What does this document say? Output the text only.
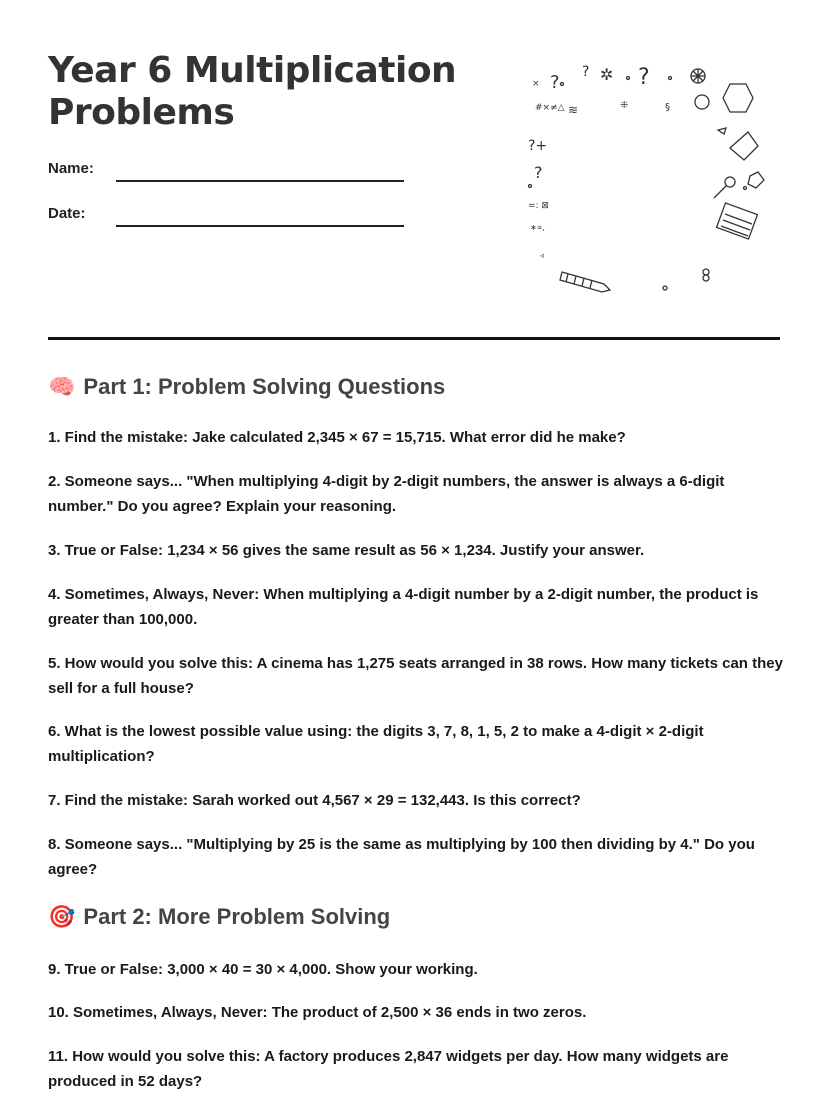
Year 6 Multiplication Problems
Name:
Date:
? ? ✲ ?
×
#×≠△ ≋	⁜	§
?+
?
=: ⊠
∗∝,
◃
🧠 Part 1: Problem Solving Questions

1. Find the mistake: Jake calculated 2,345 × 67 = 15,715. What error did he make?

2. Someone says... "When multiplying 4-digit by 2-digit numbers, the answer is always a 6-digit number." Do you agree? Explain your reasoning.

3. True or False: 1,234 × 56 gives the same result as 56 × 1,234. Justify your answer.

4. Sometimes, Always, Never: When multiplying a 4-digit number by a 2-digit number, the product is greater than 100,000.

5. How would you solve this: A cinema has 1,275 seats arranged in 38 rows. How many tickets can they sell for a full house?

6. What is the lowest possible value using: the digits 3, 7, 8, 1, 5, 2 to make a 4-digit × 2-digit multiplication?

7. Find the mistake: Sarah worked out 4,567 × 29 = 132,443. Is this correct?

8. Someone says... "Multiplying by 25 is the same as multiplying by 100 then dividing by 4." Do you agree?

🎯 Part 2: More Problem Solving

9. True or False: 3,000 × 40 = 30 × 4,000. Show your working.

10. Sometimes, Always, Never: The product of 2,500 × 36 ends in two zeros.

11. How would you solve this: A factory produces 2,847 widgets per day. How many widgets are produced in 52 days?
